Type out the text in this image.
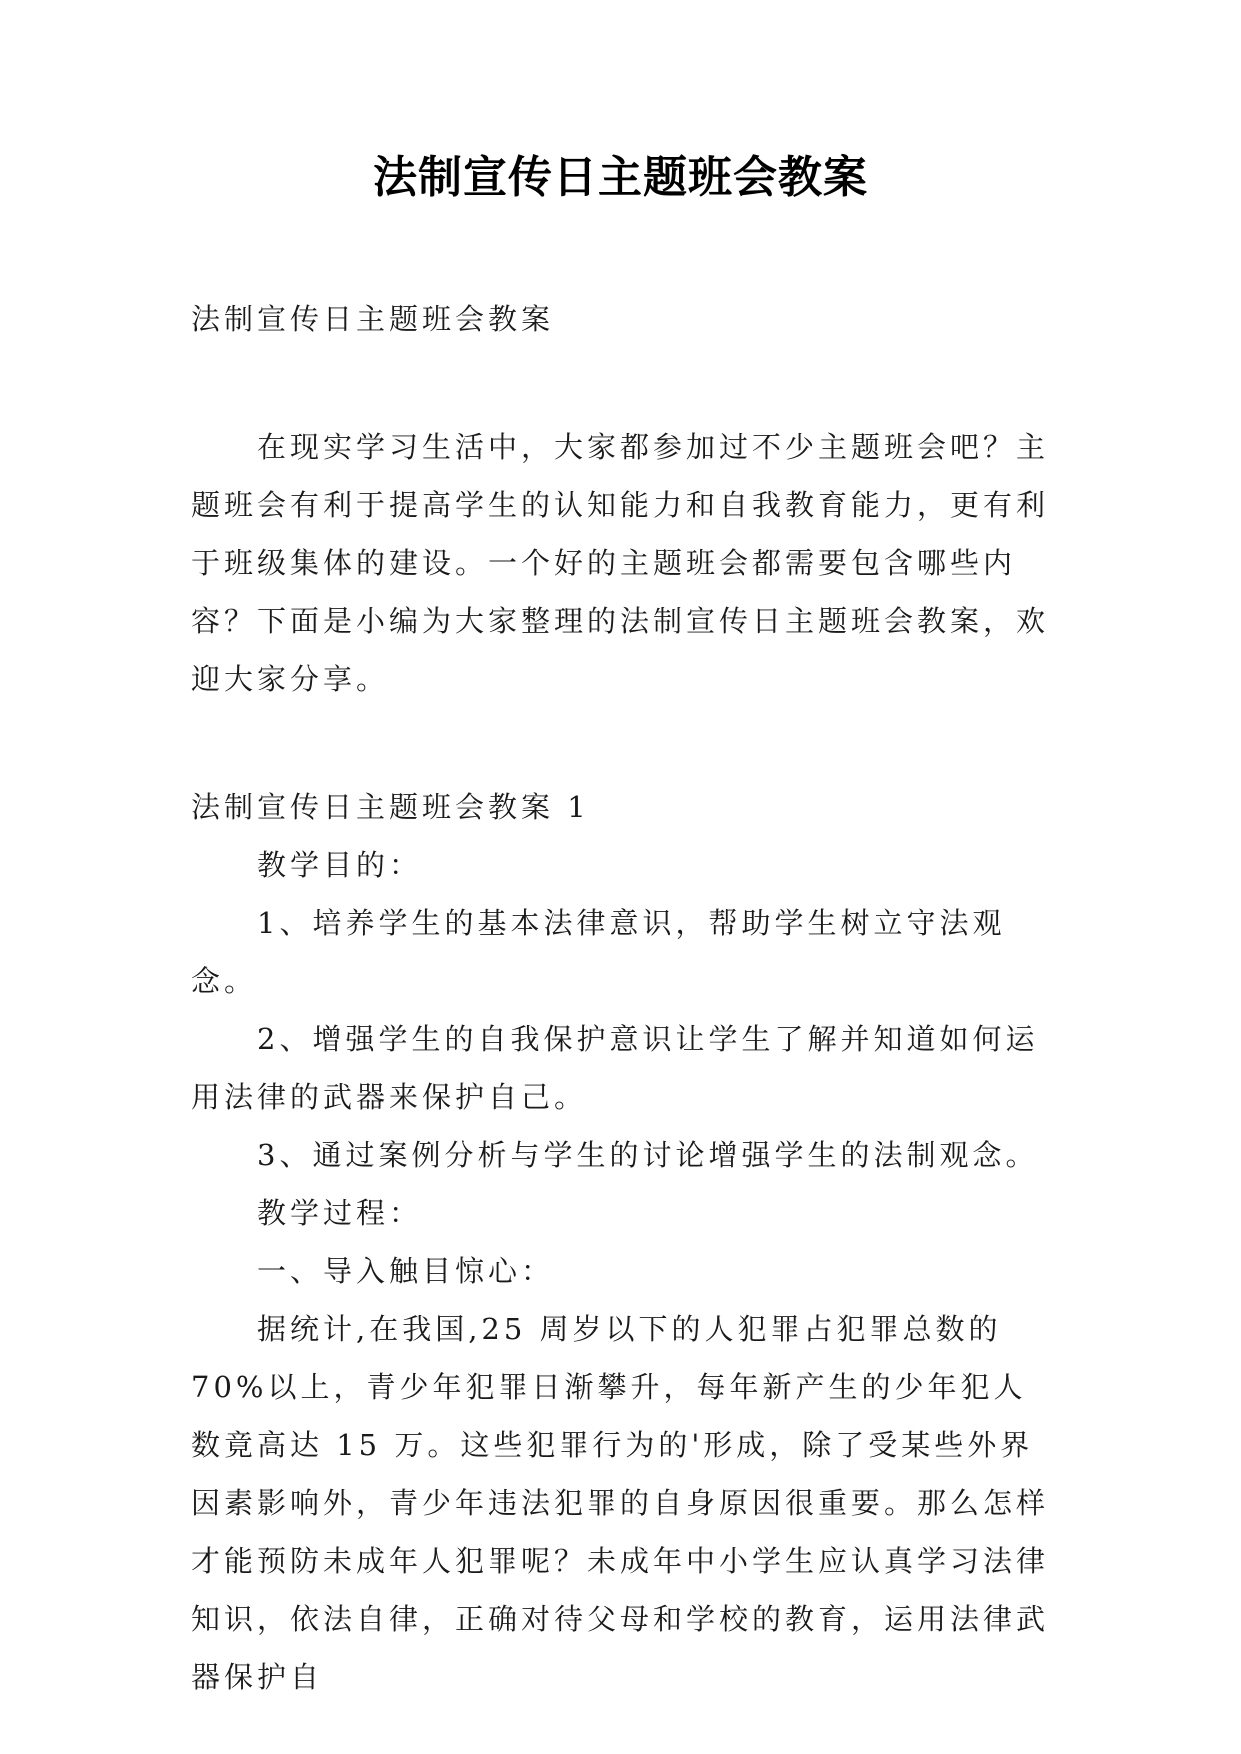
法制宣传日主题班会教案

法制宣传日主题班会教案

在现实学习生活中，大家都参加过不少主题班会吧？主题班会有利于提高学生的认知能力和自我教育能力，更有利于班级集体的建设。一个好的主题班会都需要包含哪些内容？下面是小编为大家整理的法制宣传日主题班会教案，欢迎大家分享。

法制宣传日主题班会教案 1

教学目的：

1、培养学生的基本法律意识，帮助学生树立守法观念。

2、增强学生的自我保护意识让学生了解并知道如何运用法律的武器来保护自己。

3、通过案例分析与学生的讨论增强学生的法制观念。

教学过程：

一、导入触目惊心：

据统计,在我国,25 周岁以下的人犯罪占犯罪总数的 70%以上，青少年犯罪日渐攀升，每年新产生的少年犯人数竟高达 15 万。这些犯罪行为的'形成，除了受某些外界因素影响外，青少年违法犯罪的自身原因很重要。那么怎样才能预防未成年人犯罪呢？未成年中小学生应认真学习法律知识，依法自律，正确对待父母和学校的教育，运用法律武器保护自
